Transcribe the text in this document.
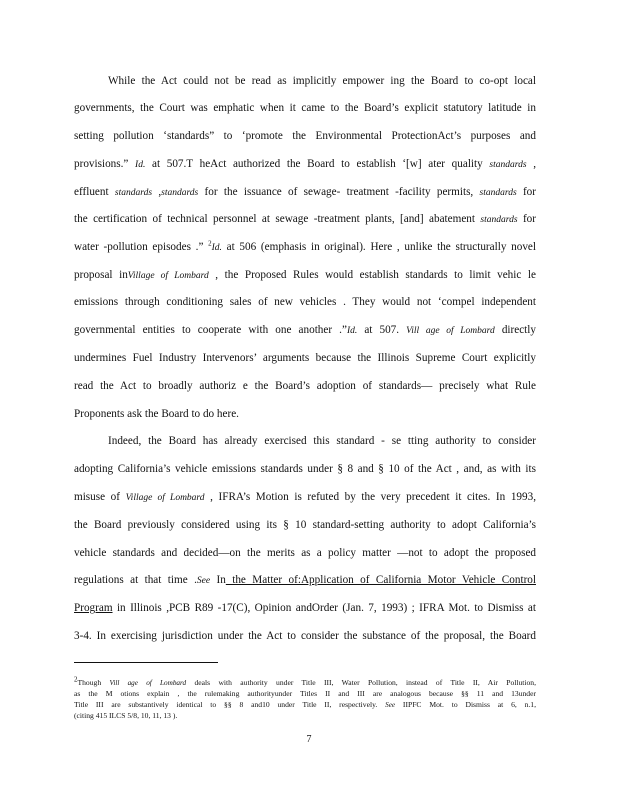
While the Act could not be read as implicitly empower ing the Board to co-opt local
governments, the Court was emphatic when it came to the Board’s explicit statutory latitude in
setting pollution ‘standards” to ‘promote the Environmental ProtectionAct’s purposes and
provisions.” Id. at 507.T heAct authorized the Board to establish ‘[w] ater quality standards ,
effluent standards ,standards for the issuance of sewage- treatment -facility permits, standards for
the certification of technical personnel at sewage -treatment plants, [and] abatement standards for
water -pollution episodes .” $^2$Id. at 506 (emphasis in original). Here , unlike the structurally novel
proposal inVillage of Lombard , the Proposed Rules would establish standards to limit vehic le
emissions through conditioning sales of new vehicles . They would not ‘compel independent
governmental entities to cooperate with one another .”Id. at 507. Vill age of Lombard directly
undermines Fuel Industry Intervenors’ arguments because the Illinois Supreme Court explicitly
read the Act to broadly authoriz e the Board’s adoption of standards— precisely what Rule
Proponents ask the Board to do here.
Indeed, the Board has already exercised this standard - se tting authority to consider
adopting California’s vehicle emissions standards under § 8 and § 10 of the Act , and, as with its
misuse of Village of Lombard , IFRA’s Motion is refuted by the very precedent it cites. In 1993,
the Board previously considered using its § 10 standard-setting authority to adopt California’s
vehicle standards and decided—on the merits as a policy matter —not to adopt the proposed
regulations at that time .See In the Matter of:Application of California Motor Vehicle Control
Program in Illinois ,PCB R89 -17(C), Opinion andOrder (Jan. 7, 1993) ; IFRA Mot. to Dismiss at
3-4. In exercising jurisdiction under the Act to consider the substance of the proposal, the Board
2Though Vill age of Lombard deals with authority under Title III, Water Pollution, instead of Title II, Air Pollution,
as the M otions explain , the rulemaking authorityunder Titles II and III are analogous because §§ 11 and 13under
Title III are substantively identical to §§ 8 and10 under Title II, respectively. See IIPFC Mot. to Dismiss at 6, n.1,
(citing 415 ILCS 5/8, 10, 11, 13 ).
7
